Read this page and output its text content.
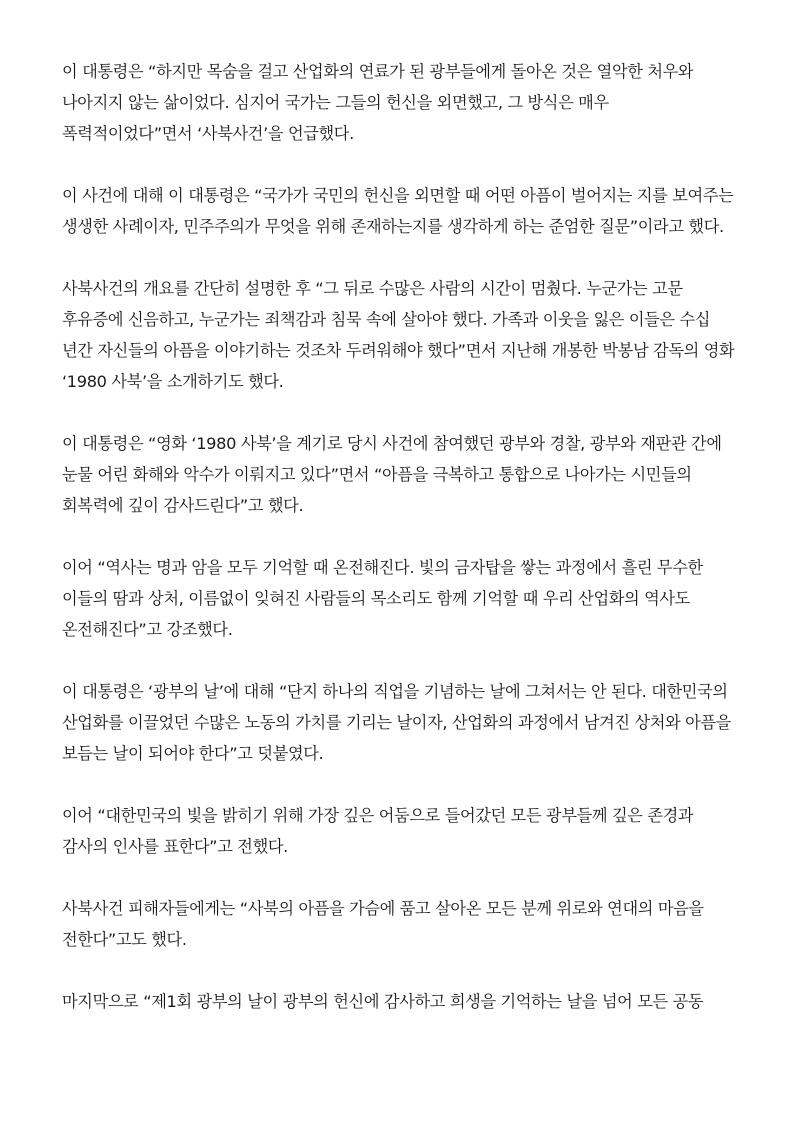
이 대통령은 “하지만 목숨을 걸고 산업화의 연료가 된 광부들에게 돌아온 것은 열악한 처우와 나아지지 않는 삶이었다. 심지어 국가는 그들의 헌신을 외면했고, 그 방식은 매우 폭력적이었다”면서 ‘사북사건’을 언급했다.

이 사건에 대해 이 대통령은 “국가가 국민의 헌신을 외면할 때 어떤 아픔이 벌어지는 지를 보여주는 생생한 사례이자, 민주주의가 무엇을 위해 존재하는지를 생각하게 하는 준엄한 질문”이라고 했다.

사북사건의 개요를 간단히 설명한 후 “그 뒤로 수많은 사람의 시간이 멈췄다. 누군가는 고문 후유증에 신음하고, 누군가는 죄책감과 침묵 속에 살아야 했다. 가족과 이웃을 잃은 이들은 수십 년간 자신들의 아픔을 이야기하는 것조차 두려워해야 했다”면서 지난해 개봉한 박봉남 감독의 영화 ‘1980 사북’을 소개하기도 했다.

이 대통령은 “영화 ‘1980 사북’을 계기로 당시 사건에 참여했던 광부와 경찰, 광부와 재판관 간에 눈물 어린 화해와 악수가 이뤄지고 있다”면서 “아픔을 극복하고 통합으로 나아가는 시민들의 회복력에 깊이 감사드린다”고 했다.

이어 “역사는 명과 암을 모두 기억할 때 온전해진다. 빛의 금자탑을 쌓는 과정에서 흘린 무수한 이들의 땀과 상처, 이름없이 잊혀진 사람들의 목소리도 함께 기억할 때 우리 산업화의 역사도 온전해진다”고 강조했다.

이 대통령은 ‘광부의 날’에 대해 “단지 하나의 직업을 기념하는 날에 그쳐서는 안 된다. 대한민국의 산업화를 이끌었던 수많은 노동의 가치를 기리는 날이자, 산업화의 과정에서 남겨진 상처와 아픔을 보듬는 날이 되어야 한다”고 덧붙였다.

이어 “대한민국의 빛을 밝히기 위해 가장 깊은 어둠으로 들어갔던 모든 광부들께 깊은 존경과 감사의 인사를 표한다”고 전했다.

사북사건 피해자들에게는 “사북의 아픔을 가슴에 품고 살아온 모든 분께 위로와 연대의 마음을 전한다”고도 했다.

마지막으로 “제1회 광부의 날이 광부의 헌신에 감사하고 희생을 기억하는 날을 넘어 모든 공동
